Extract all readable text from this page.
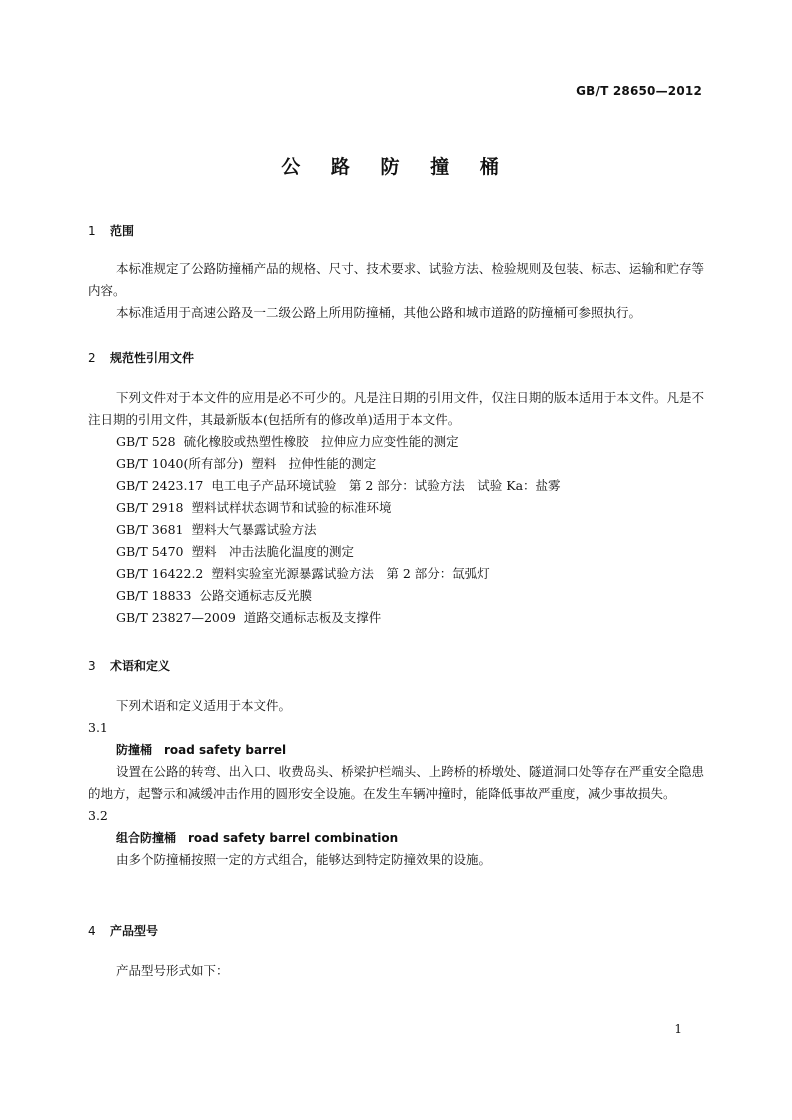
GB/T 28650—2012
公 路 防 撞 桶
1 范围

本标准规定了公路防撞桶产品的规格、尺寸、技术要求、试验方法、检验规则及包装、标志、运输和贮存等内容。

本标准适用于高速公路及一二级公路上所用防撞桶，其他公路和城市道路的防撞桶可参照执行。

2 规范性引用文件

下列文件对于本文件的应用是必不可少的。凡是注日期的引用文件，仅注日期的版本适用于本文件。凡是不注日期的引用文件，其最新版本(包括所有的修改单)适用于本文件。

GB/T 528 硫化橡胶或热塑性橡胶　拉伸应力应变性能的测定
GB/T 1040(所有部分) 塑料　拉伸性能的测定
GB/T 2423.17 电工电子产品环境试验　第 2 部分：试验方法　试验 Ka：盐雾
GB/T 2918 塑料试样状态调节和试验的标准环境
GB/T 3681 塑料大气暴露试验方法
GB/T 5470 塑料　冲击法脆化温度的测定
GB/T 16422.2 塑料实验室光源暴露试验方法　第 2 部分：氙弧灯
GB/T 18833 公路交通标志反光膜
GB/T 23827—2009 道路交通标志板及支撑件
3 术语和定义

下列术语和定义适用于本文件。

3.1
防撞桶 road safety barrel

设置在公路的转弯、出入口、收费岛头、桥梁护栏端头、上跨桥的桥墩处、隧道洞口处等存在严重安全隐患的地方，起警示和减缓冲击作用的圆形安全设施。在发生车辆冲撞时，能降低事故严重度，减少事故损失。

3.2
组合防撞桶 road safety barrel combination

由多个防撞桶按照一定的方式组合，能够达到特定防撞效果的设施。

4 产品型号

产品型号形式如下：

1
